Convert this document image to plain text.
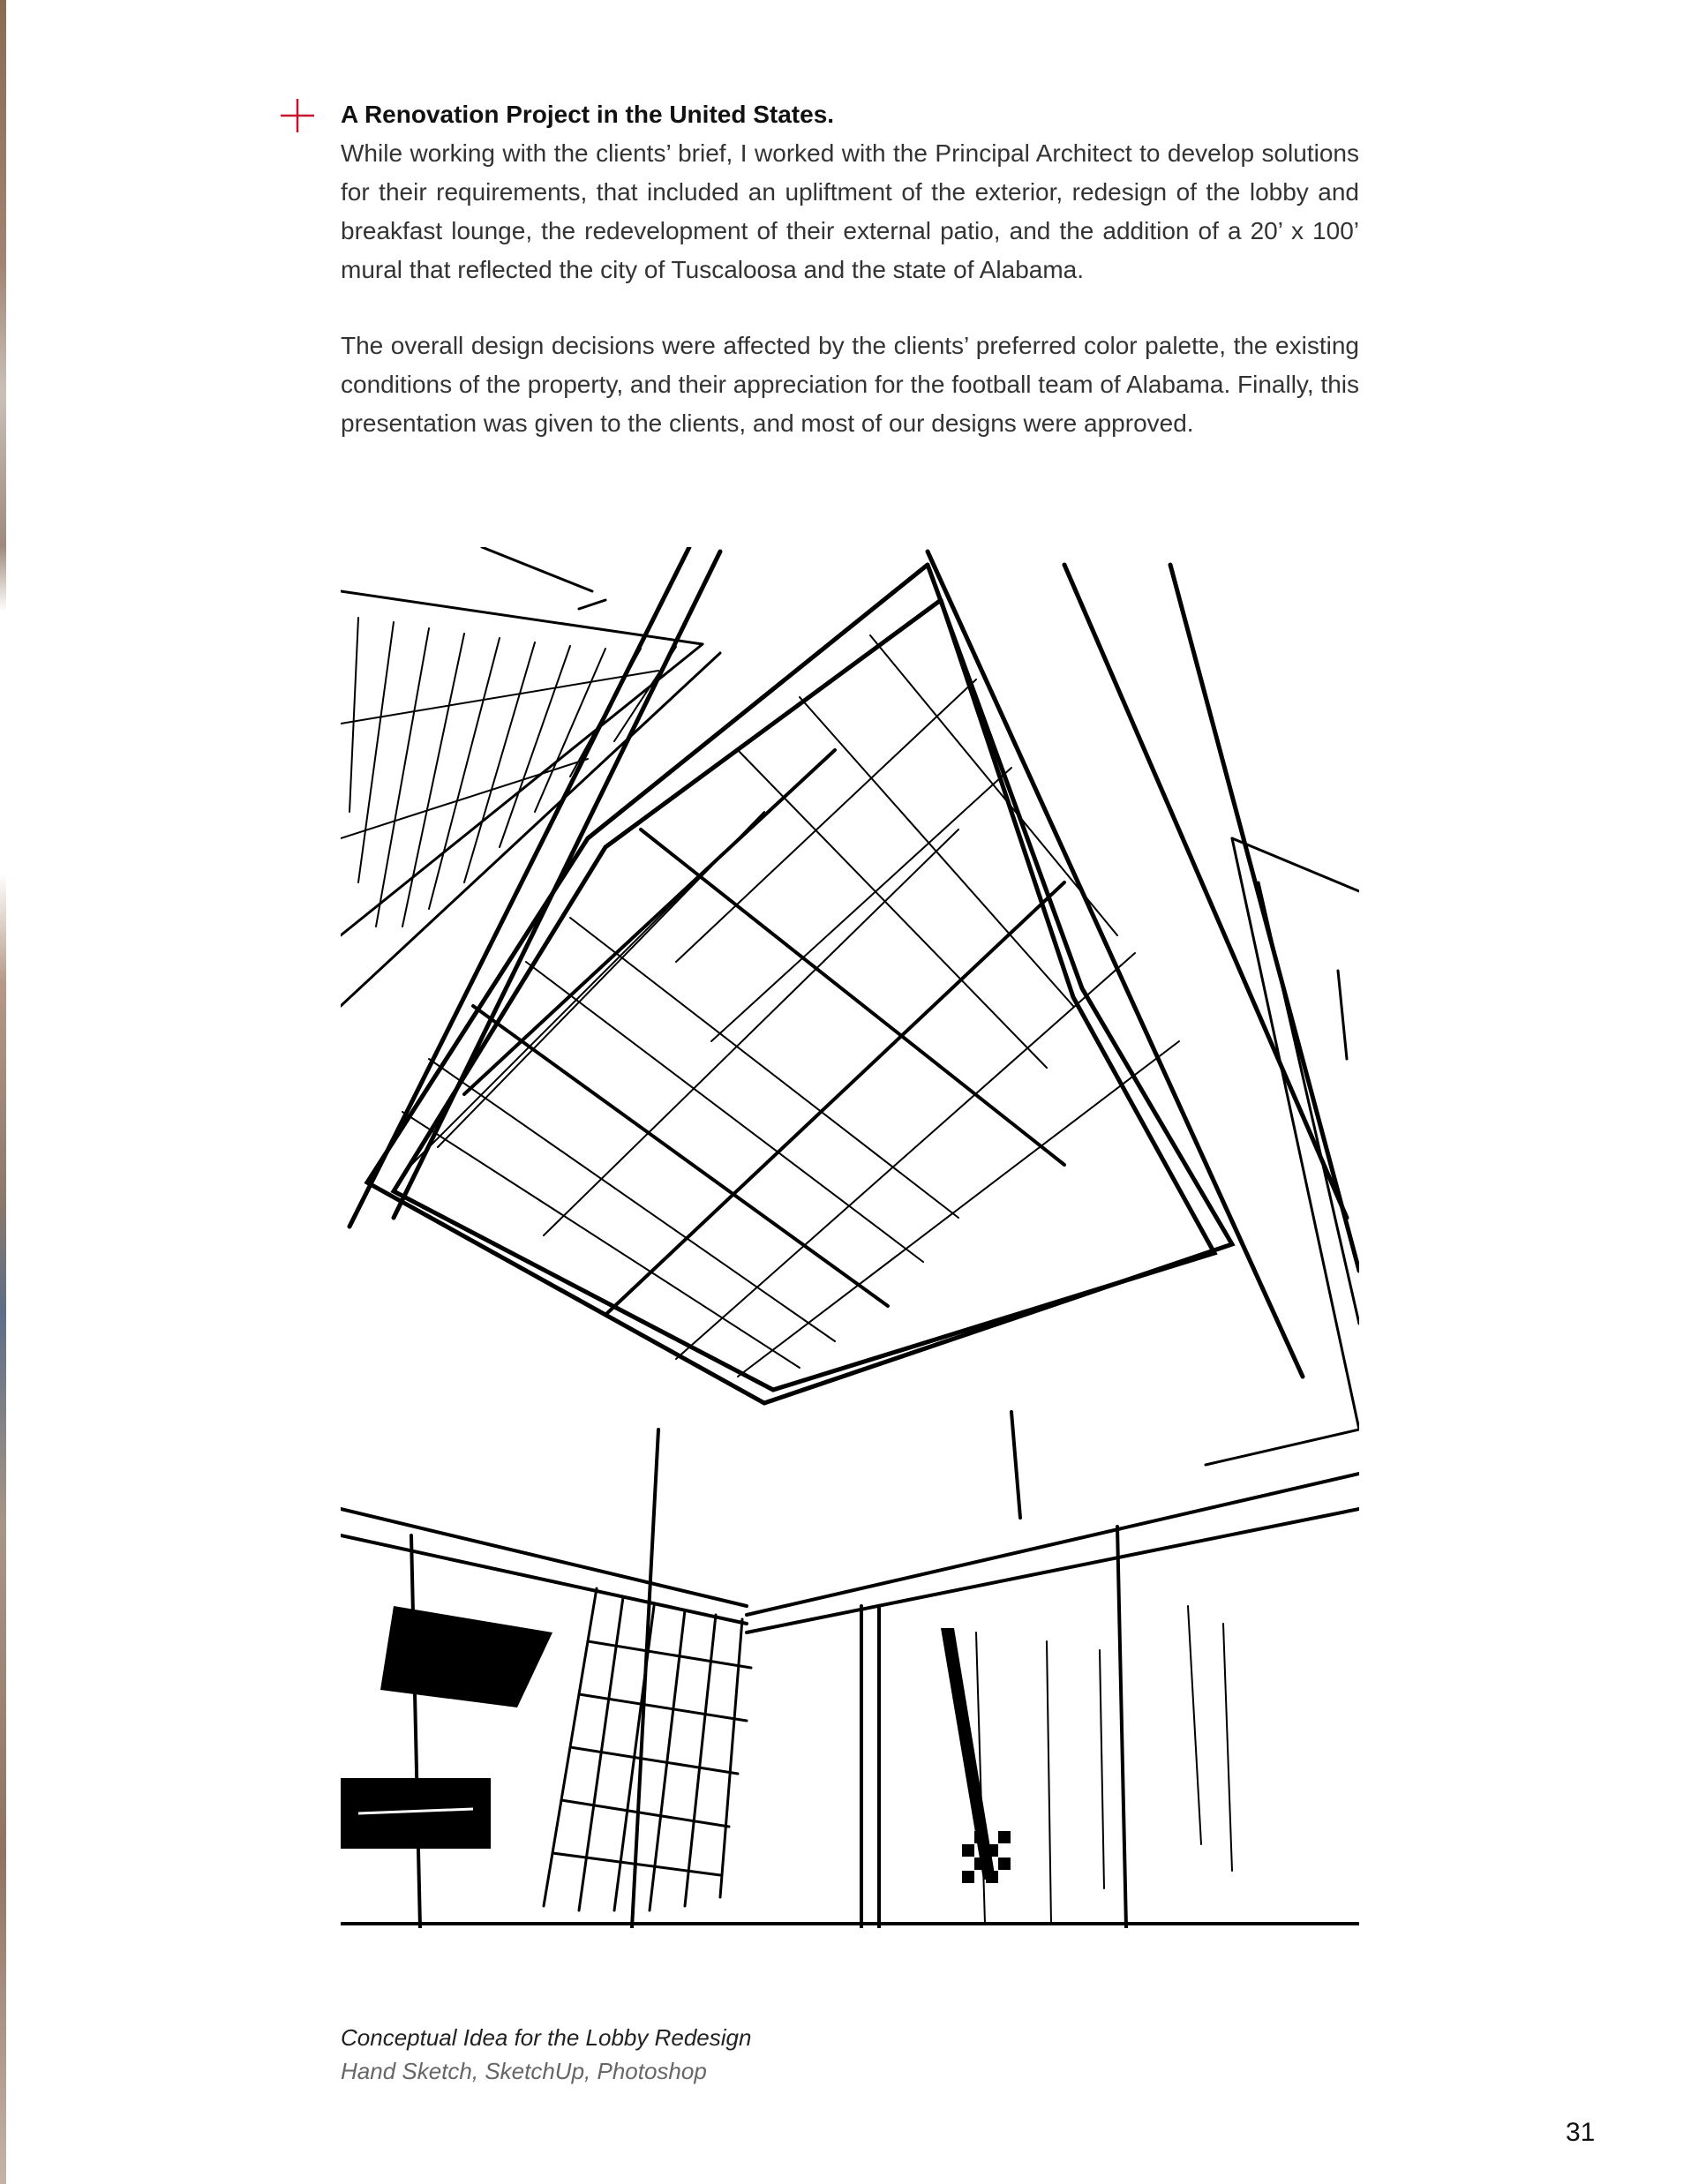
A Renovation Project in the United States.

While working with the clients’ brief, I worked with the Principal Architect to develop solutions for their requirements, that included an upliftment of the exterior, redesign of the lobby and breakfast lounge, the redevelopment of their external patio, and the addition of a 20’ x 100’ mural that reflected the city of Tuscaloosa and the state of Alabama.

The overall design decisions were affected by the clients’ preferred color palette, the existing conditions of the property, and their appreciation for the football team of Alabama. Finally, this presentation was given to the clients, and most of our designs were approved.

Conceptual Idea for the Lobby Redesign
Hand Sketch, SketchUp, Photoshop
31
